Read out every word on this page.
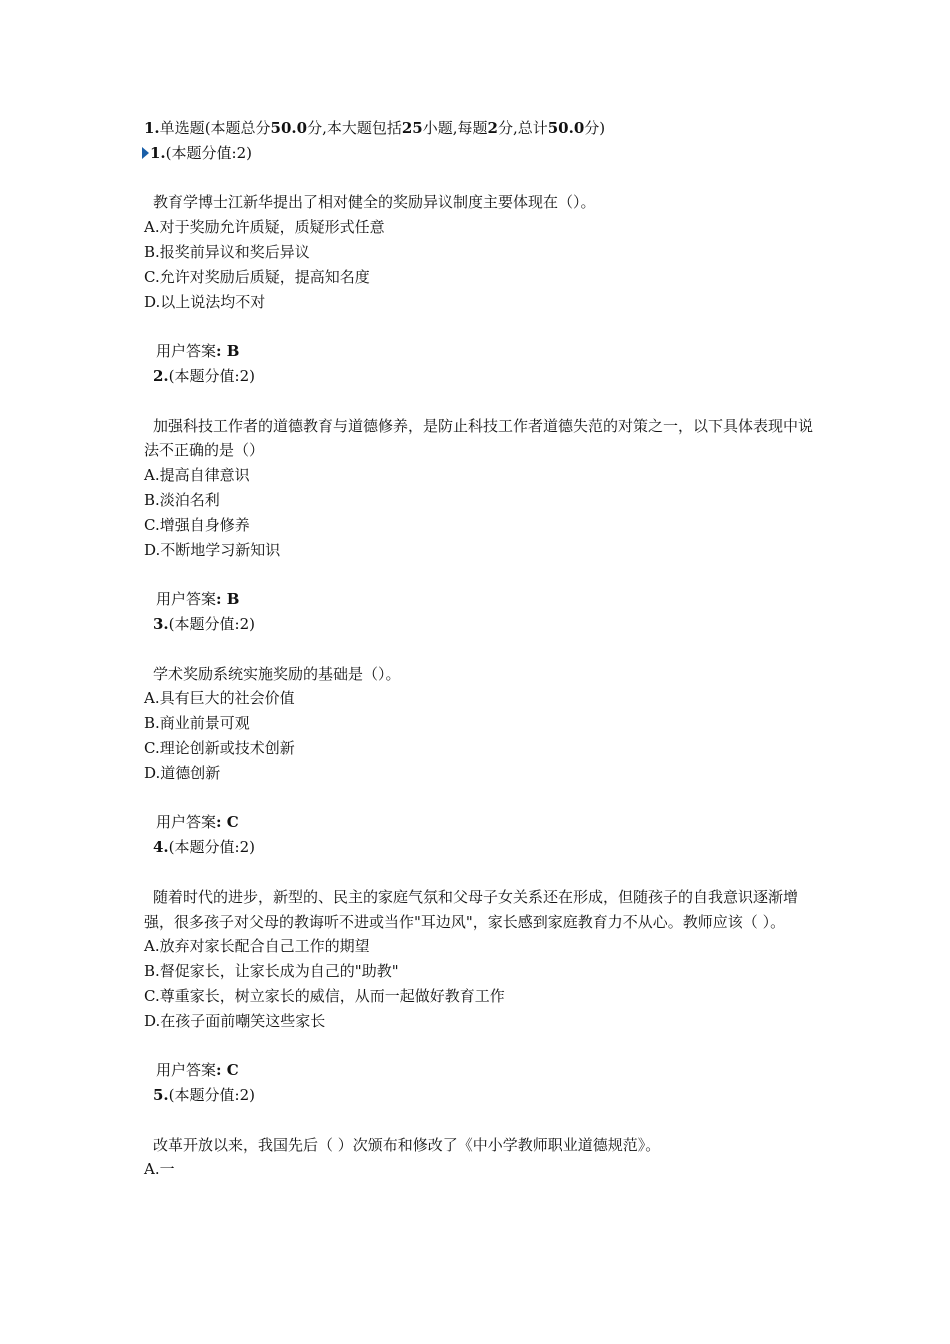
1.单选题(本题总分50.0分,本大题包括25小题,每题2分,总计50.0分)
1.(本题分值:2)
教育学博士江新华提出了相对健全的奖励异议制度主要体现在（）。
A.对于奖励允许质疑，质疑形式任意
B.报奖前异议和奖后异议
C.允许对奖励后质疑，提高知名度
D.以上说法均不对
用户答案: B
2.(本题分值:2)
加强科技工作者的道德教育与道德修养，是防止科技工作者道德失范的对策之一，以下具体表现中说法不正确的是（）
A.提高自律意识
B.淡泊名利
C.增强自身修养
D.不断地学习新知识
用户答案: B
3.(本题分值:2)
学术奖励系统实施奖励的基础是（）。
A.具有巨大的社会价值
B.商业前景可观
C.理论创新或技术创新
D.道德创新
用户答案: C
4.(本题分值:2)
随着时代的进步，新型的、民主的家庭气氛和父母子女关系还在形成，但随孩子的自我意识逐渐增强，很多孩子对父母的教诲听不进或当作"耳边风"，家长感到家庭教育力不从心。教师应该（ ）。
A.放弃对家长配合自己工作的期望
B.督促家长，让家长成为自己的"助教"
C.尊重家长，树立家长的威信，从而一起做好教育工作
D.在孩子面前嘲笑这些家长
用户答案: C
5.(本题分值:2)
改革开放以来，我国先后（ ）次颁布和修改了《中小学教师职业道德规范》。
A.一
